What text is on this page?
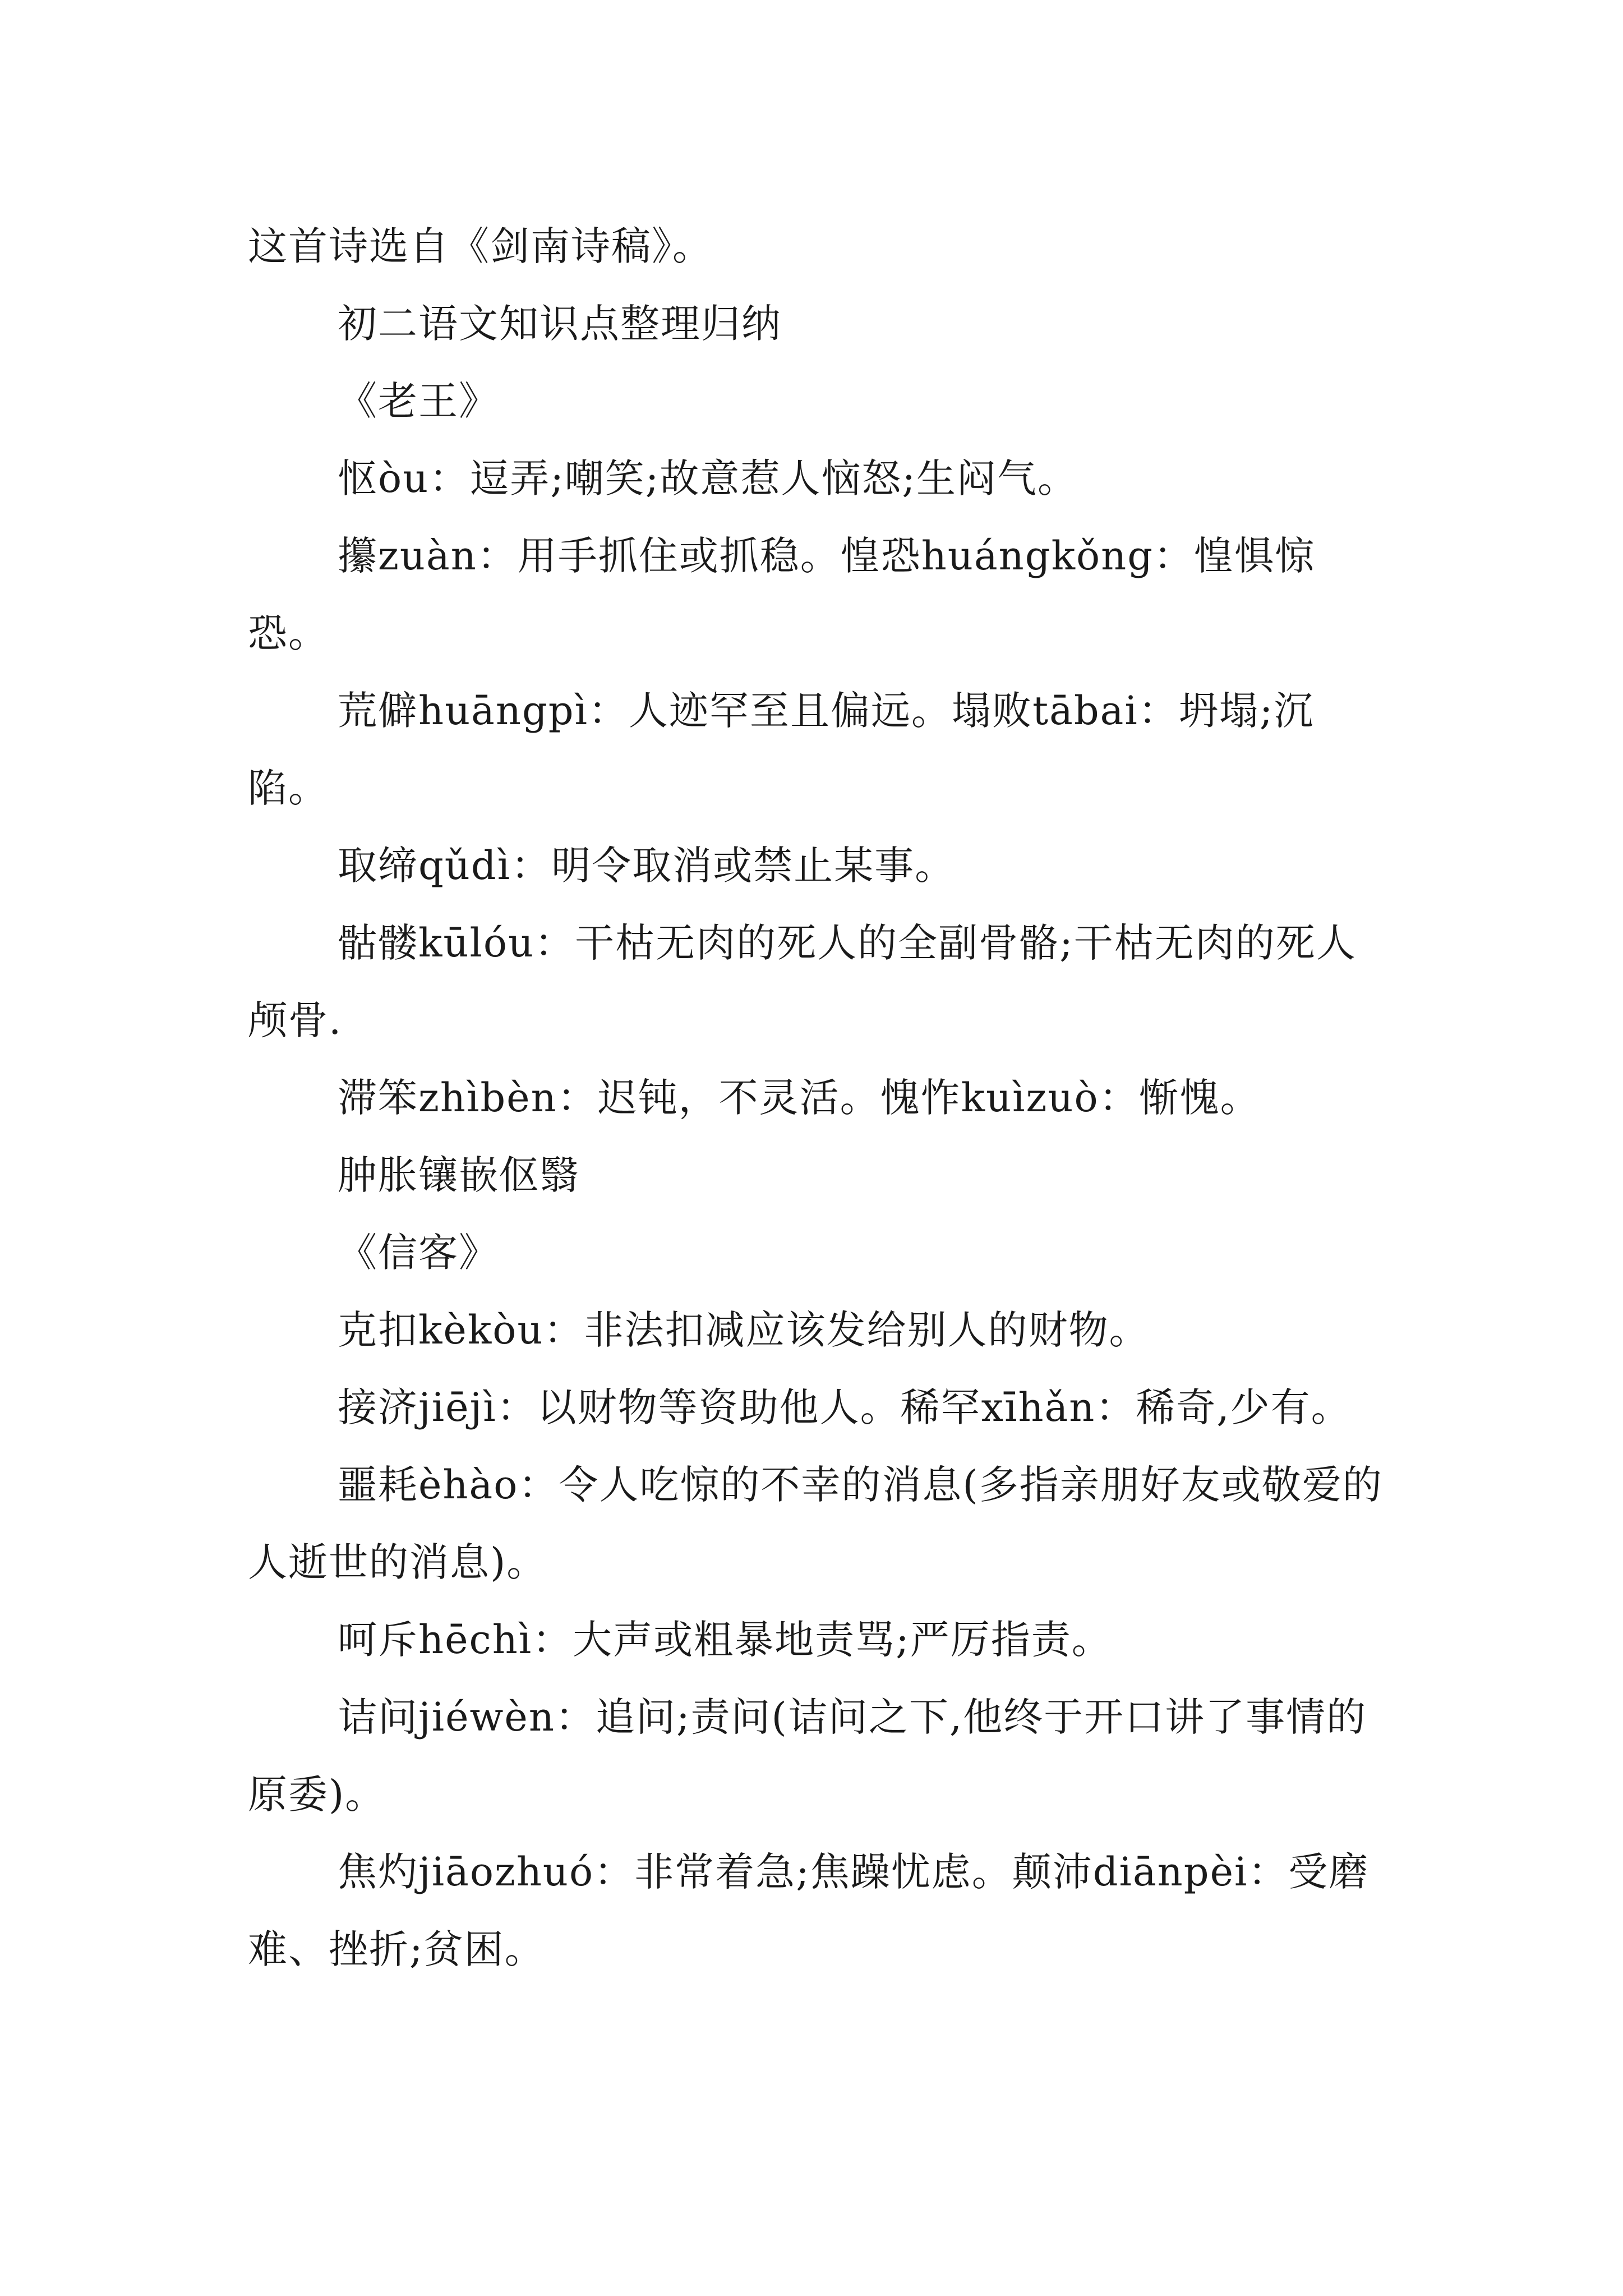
这首诗选自《剑南诗稿》。

初二语文知识点整理归纳

《老王》

怄òu：逗弄;嘲笑;故意惹人恼怒;生闷气。

攥zuàn：用手抓住或抓稳。惶恐huángkǒng：惶惧惊恐。

荒僻huāngpì：人迹罕至且偏远。塌败tābai：坍塌;沉陷。

取缔qǔdì：明令取消或禁止某事。

骷髅kūlóu：干枯无肉的死人的全副骨骼;干枯无肉的死人颅骨.

滞笨zhìbèn：迟钝，不灵活。愧怍kuìzuò：惭愧。

肿胀镶嵌伛翳

《信客》

克扣kèkòu：非法扣减应该发给别人的财物。

接济jiējì：以财物等资助他人。稀罕xīhǎn：稀奇,少有。

噩耗èhào：令人吃惊的不幸的消息(多指亲朋好友或敬爱的人逝世的消息)。

呵斥hēchì：大声或粗暴地责骂;严厉指责。

诘问jiéwèn：追问;责问(诘问之下,他终于开口讲了事情的原委)。

焦灼jiāozhuó：非常着急;焦躁忧虑。颠沛diānpèi：受磨难、挫折;贫困。
